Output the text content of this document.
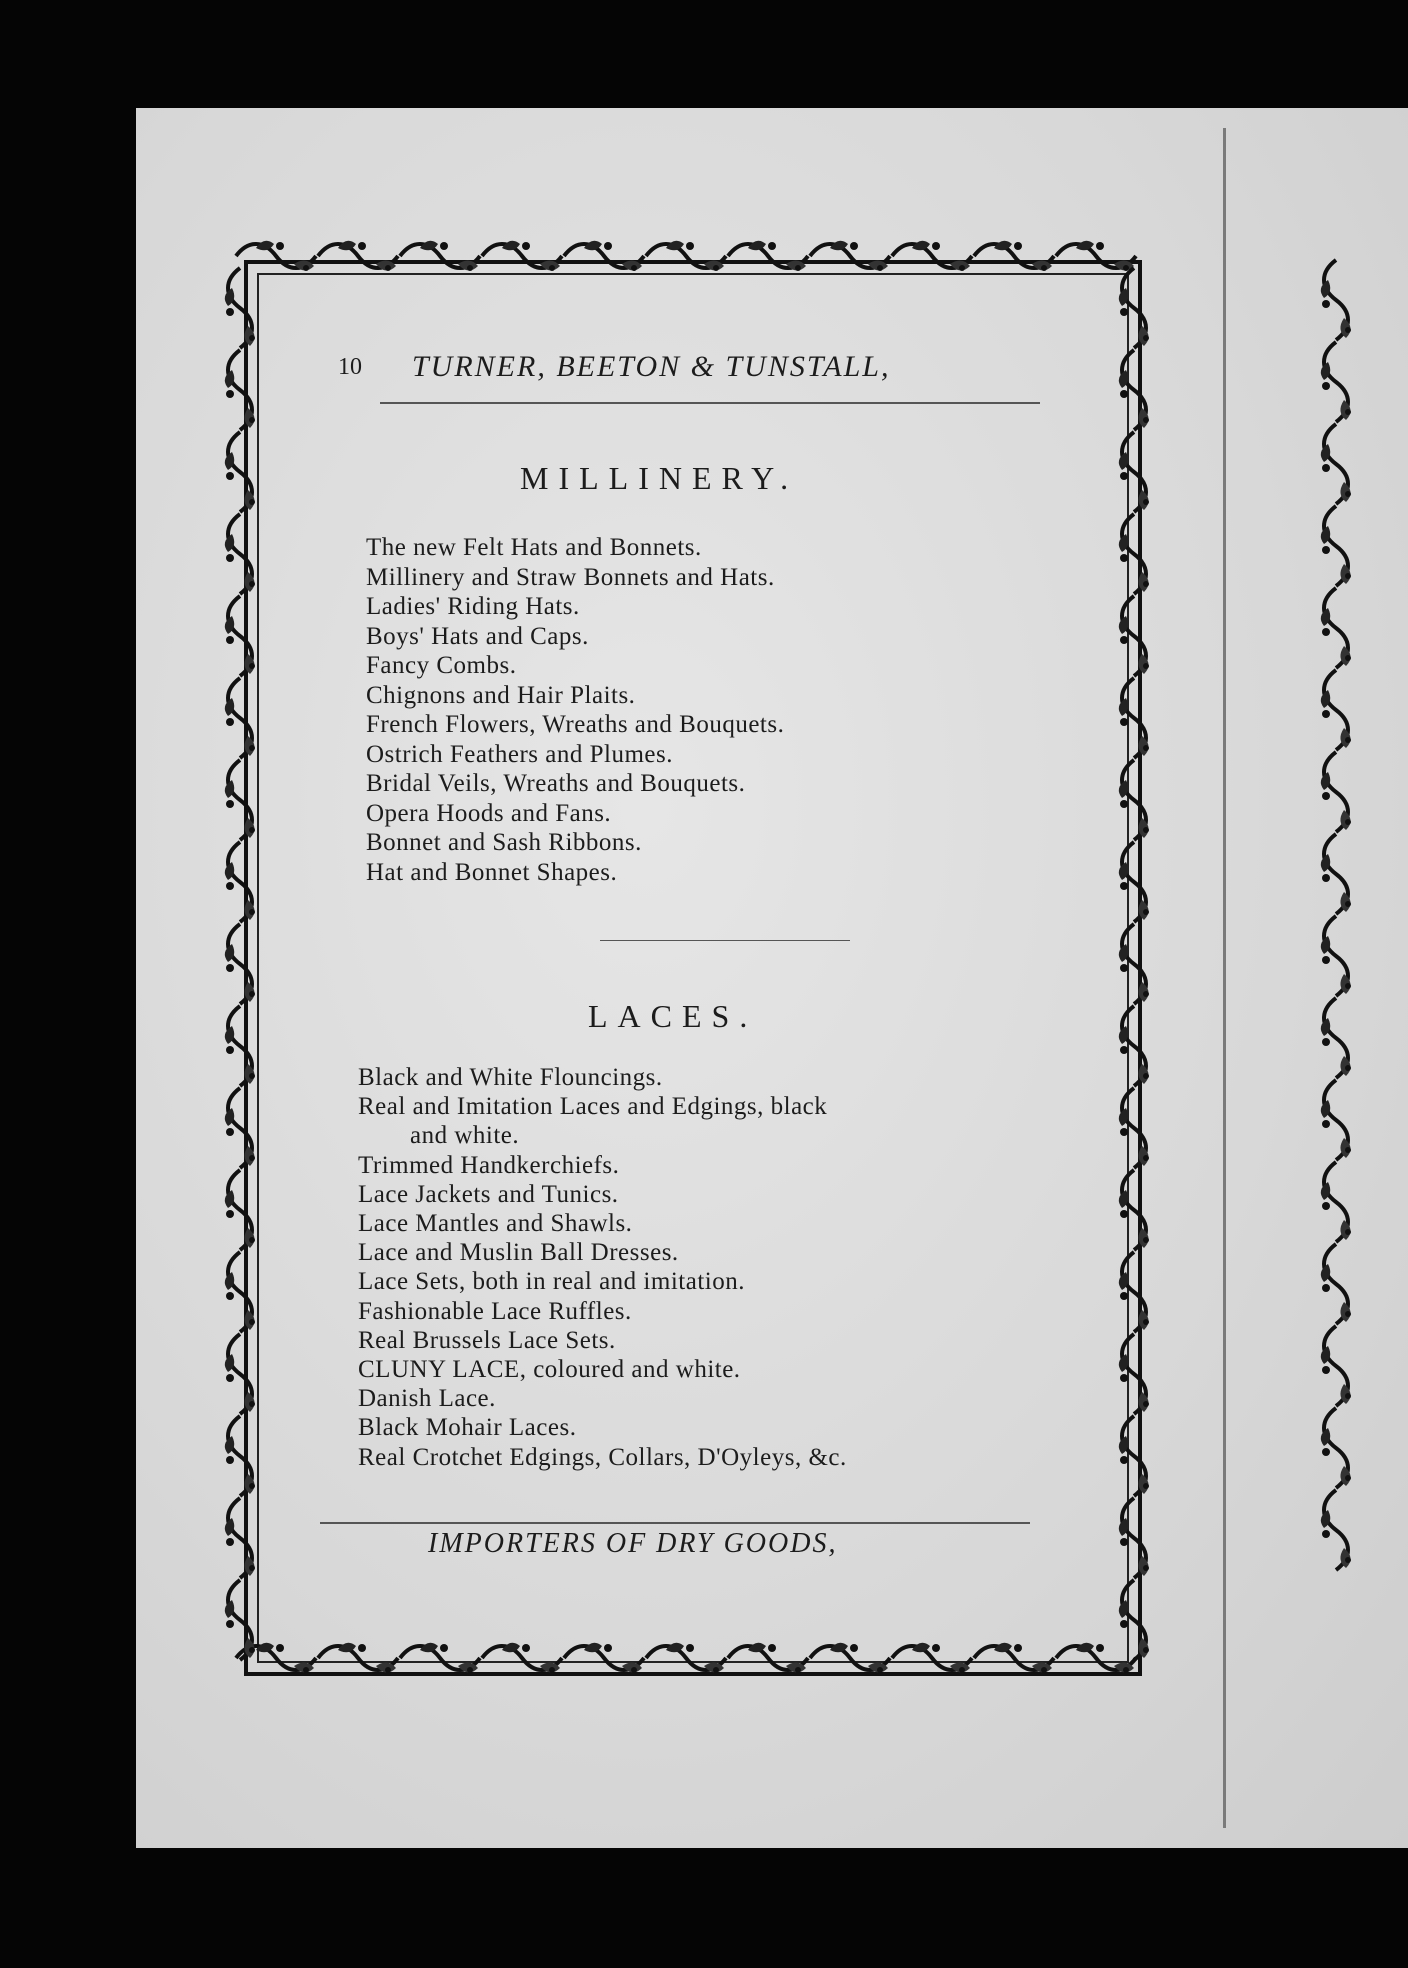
10 TURNER, BEETON & TUNSTALL,
MILLINERY.
The new Felt Hats and Bonnets.
Millinery and Straw Bonnets and Hats.
Ladies' Riding Hats.
Boys' Hats and Caps.
Fancy Combs.
Chignons and Hair Plaits.
French Flowers, Wreaths and Bouquets.
Ostrich Feathers and Plumes.
Bridal Veils, Wreaths and Bouquets.
Opera Hoods and Fans.
Bonnet and Sash Ribbons.
Hat and Bonnet Shapes.
LACES.
Black and White Flouncings.
Real and Imitation Laces and Edgings, black
and white.
Trimmed Handkerchiefs.
Lace Jackets and Tunics.
Lace Mantles and Shawls.
Lace and Muslin Ball Dresses.
Lace Sets, both in real and imitation.
Fashionable Lace Ruffles.
Real Brussels Lace Sets.
CLUNY LACE, coloured and white.
Danish Lace.
Black Mohair Laces.
Real Crotchet Edgings, Collars, D'Oyleys, &c.
IMPORTERS OF DRY GOODS,
